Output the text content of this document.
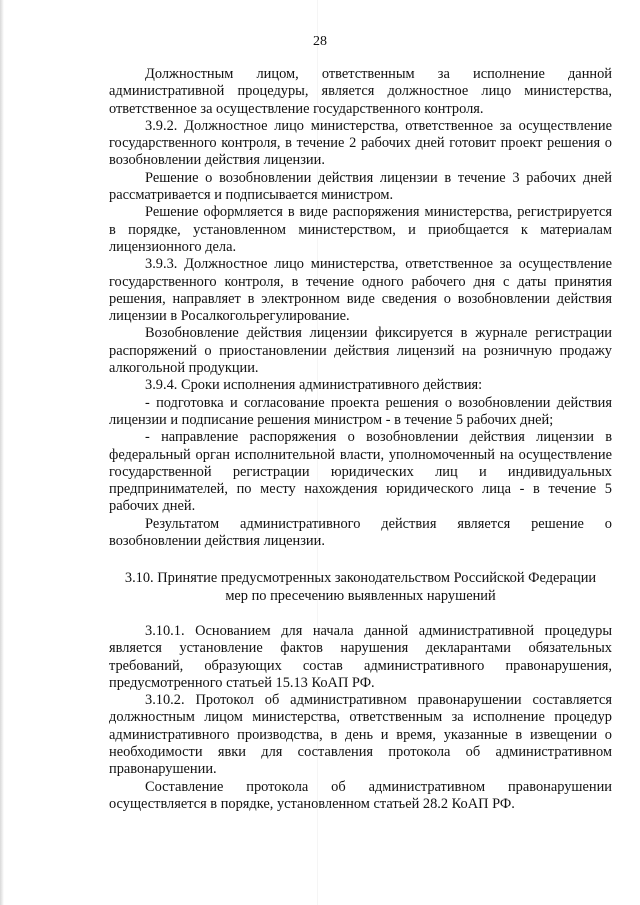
28

Должностным лицом, ответственным за исполнение данной административной процедуры, является должностное лицо министерства, ответственное за осуществление государственного контроля.

3.9.2. Должностное лицо министерства, ответственное за осуществление государственного контроля, в течение 2 рабочих дней готовит проект решения о возобновлении действия лицензии.

Решение о возобновлении действия лицензии в течение 3 рабочих дней рассматривается и подписывается министром.

Решение оформляется в виде распоряжения министерства, регистрируется в порядке, установленном министерством, и приобщается к материалам лицензионного дела.

3.9.3. Должностное лицо министерства, ответственное за осуществление государственного контроля, в течение одного рабочего дня с даты принятия решения, направляет в электронном виде сведения о возобновлении действия лицензии в Росалкогольрегулирование.

Возобновление действия лицензии фиксируется в журнале регистрации распоряжений о приостановлении действия лицензий на розничную продажу алкогольной продукции.

3.9.4. Сроки исполнения административного действия:

- подготовка и согласование проекта решения о возобновлении действия лицензии и подписание решения министром - в течение 5 рабочих дней;

- направление распоряжения о возобновлении действия лицензии в федеральный орган исполнительной власти, уполномоченный на осуществление государственной регистрации юридических лиц и индивидуальных предпринимателей, по месту нахождения юридического лица - в течение 5 рабочих дней.

Результатом административного действия является решение о возобновлении действия лицензии.

3.10. Принятие предусмотренных законодательством Российской Федерации
мер по пресечению выявленных нарушений

3.10.1. Основанием для начала данной административной процедуры является установление фактов нарушения декларантами обязательных требований, образующих состав административного правонарушения, предусмотренного статьей 15.13 КоАП РФ.

3.10.2. Протокол об административном правонарушении составляется должностным лицом министерства, ответственным за исполнение процедур административного производства, в день и время, указанные в извещении о необходимости явки для составления протокола об административном правонарушении.

Составление протокола об административном правонарушении осуществляется в порядке, установленном статьей 28.2 КоАП РФ.
